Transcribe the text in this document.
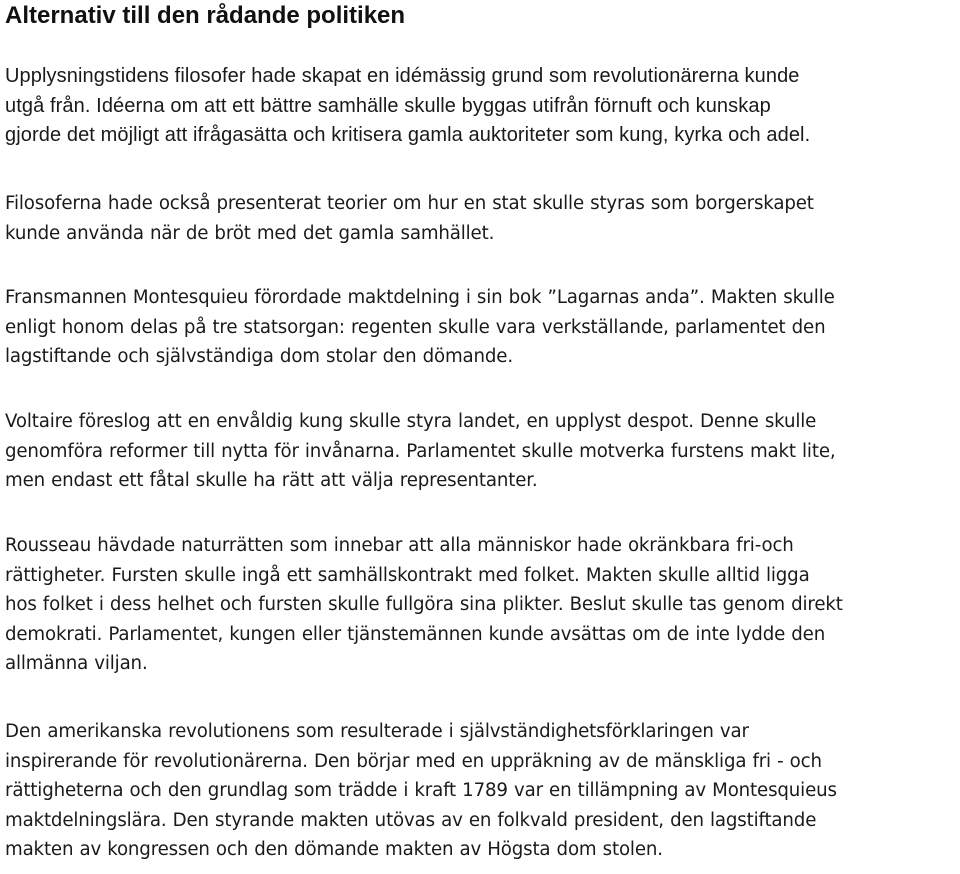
Alternativ till den rådande politiken

Upplysningstidens filosofer hade skapat en idémässig grund som revolutionärerna kunde
utgå från. Idéerna om att ett bättre samhälle skulle byggas utifrån förnuft och kunskap
gjorde det möjligt att ifrågasätta och kritisera gamla auktoriteter som kung, kyrka och adel.

Filosoferna hade också presenterat teorier om hur en stat skulle styras som borgerskapet
kunde använda när de bröt med det gamla samhället.

Fransmannen Montesquieu förordade maktdelning i sin bok ”Lagarnas anda”. Makten skulle
enligt honom delas på tre statsorgan: regenten skulle vara verkställande, parlamentet den
lagstiftande och självständiga dom stolar den dömande.

Voltaire föreslog att en envåldig kung skulle styra landet, en upplyst despot. Denne skulle
genomföra reformer till nytta för invånarna. Parlamentet skulle motverka furstens makt lite,
men endast ett fåtal skulle ha rätt att välja representanter.

Rousseau hävdade naturrätten som innebar att alla människor hade okränkbara fri-och
rättigheter. Fursten skulle ingå ett samhällskontrakt med folket. Makten skulle alltid ligga
hos folket i dess helhet och fursten skulle fullgöra sina plikter. Beslut skulle tas genom direkt
demokrati. Parlamentet, kungen eller tjänstemännen kunde avsättas om de inte lydde den
allmänna viljan.

Den amerikanska revolutionens som resulterade i självständighetsförklaringen var
inspirerande för revolutionärerna. Den börjar med en uppräkning av de mänskliga fri - och
rättigheterna och den grundlag som trädde i kraft 1789 var en tillämpning av Montesquieus
maktdelningslära. Den styrande makten utövas av en folkvald president, den lagstiftande
makten av kongressen och den dömande makten av Högsta dom stolen.
